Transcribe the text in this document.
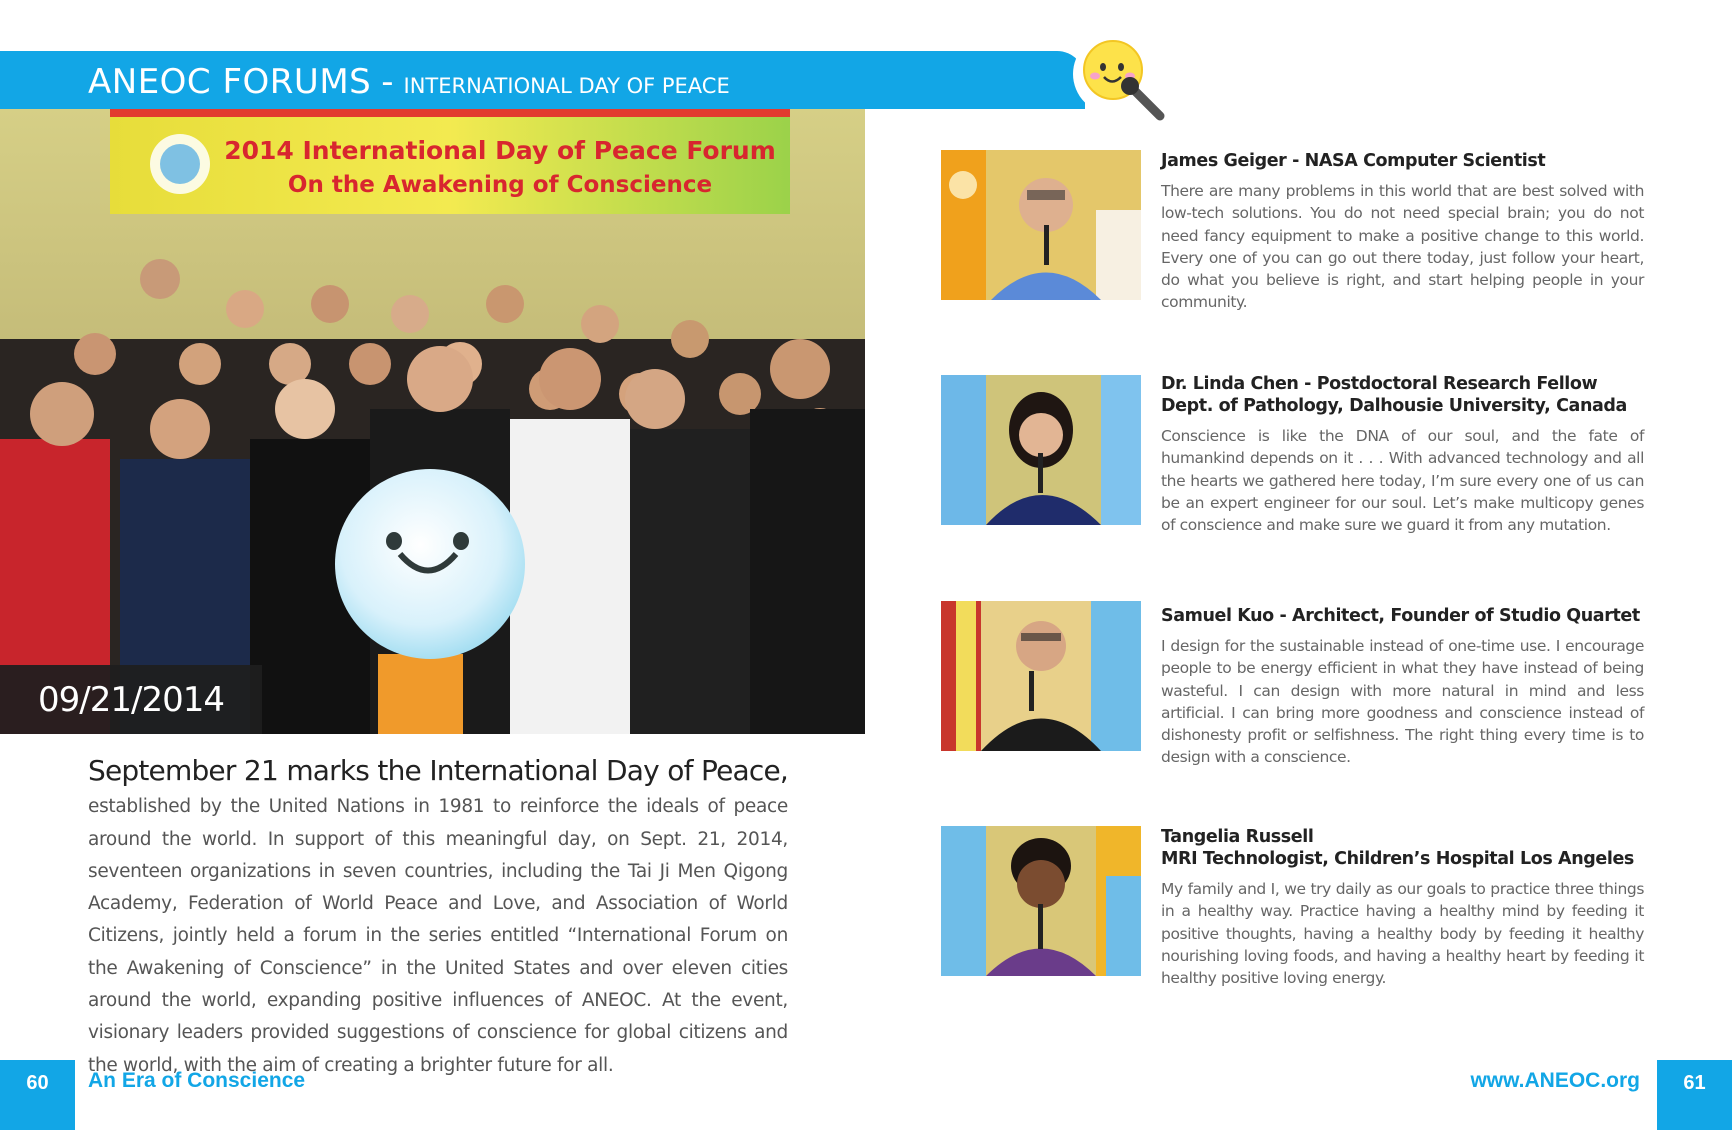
ANEOC FORUMS - INTERNATIONAL DAY OF PEACE
2014 International Day of Peace Forum
On the Awakening of Conscience
09/21/2014
September 21 marks the International Day of Peace, established by the United Nations in 1981 to reinforce the ideals of peace around the world. In support of this meaningful day, on Sept. 21, 2014, seventeen organizations in seven countries, including the Tai Ji Men Qigong Academy, Federation of World Peace and Love, and Association of World Citizens, jointly held a forum in the series entitled “International Forum on the Awakening of Conscience” in the United States and over eleven cities around the world, expanding positive influences of ANEOC. At the event, visionary leaders provided suggestions of conscience for global citizens and the world, with the aim of creating a brighter future for all.
James Geiger - NASA Computer Scientist
There are many problems in this world that are best solved with low-tech solutions. You do not need special brain; you do not need fancy equipment to make a positive change to this world. Every one of you can go out there today, just follow your heart, do what you believe is right, and start helping people in your community.
Dr. Linda Chen - Postdoctoral Research Fellow
Dept. of Pathology, Dalhousie University, Canada
Conscience is like the DNA of our soul, and the fate of humankind depends on it . . . With advanced technology and all the hearts we gathered here today, I’m sure every one of us can be an expert engineer for our soul. Let’s make multicopy genes of conscience and make sure we guard it from any mutation.
Samuel Kuo - Architect, Founder of Studio Quartet
I design for the sustainable instead of one-time use. I encourage people to be energy efficient in what they have instead of being wasteful. I can design with more natural in mind and less artificial. I can bring more goodness and conscience instead of dishonesty profit or selfishness. The right thing every time is to design with a conscience.
Tangelia Russell
MRI Technologist, Children’s Hospital Los Angeles
My family and I, we try daily as our goals to practice three things in a healthy way. Practice having a healthy mind by feeding it positive thoughts, having a healthy body by feeding it healthy nourishing loving foods, and having a healthy heart by feeding it healthy positive loving energy.
60	An Era of Conscience	www.ANEOC.org	61
